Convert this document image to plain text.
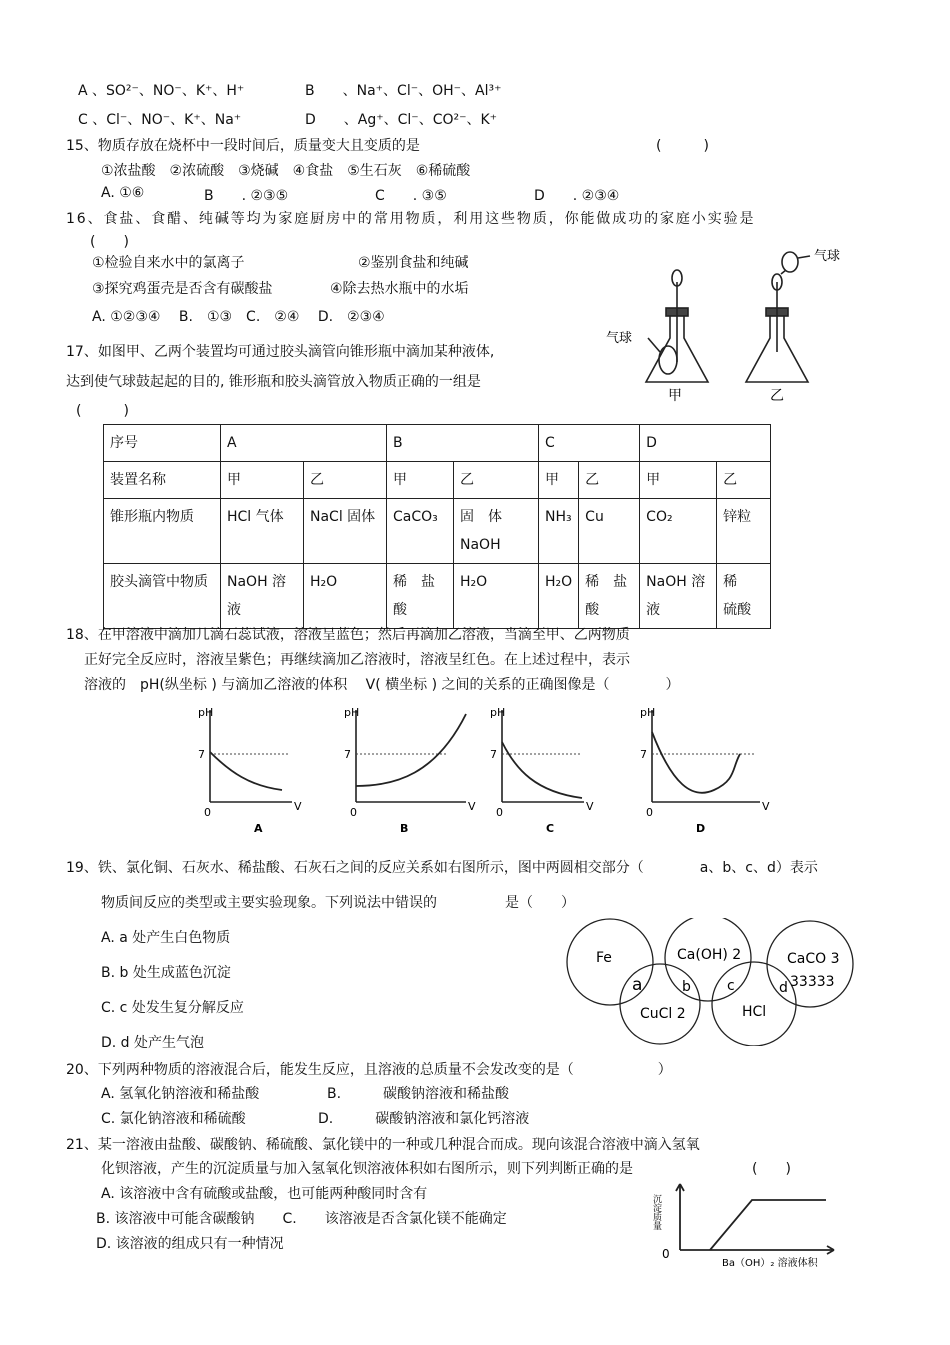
A 、SO²⁻、NO⁻、K⁺、H⁺	B　　、Na⁺、Cl⁻、OH⁻、Al³⁺
C 、Cl⁻、NO⁻、K⁺、Na⁺	D　　、Ag⁺、Cl⁻、CO²⁻、K⁺
15、物质存放在烧杯中一段时间后，质量变大且变质的是	(　　　)
①浓盐酸　②浓硫酸　③烧碱　④食盐　⑤生石灰　⑥稀硫酸
A. ①⑥	B　　. ②③⑤	C　　. ③⑤	D　　. ②③④
16、食盐、食醋、纯碱等均为家庭厨房中的常用物质，利用这些物质，你能做成功的家庭小实验是
(　　)
①检验自来水中的氯离子	②鉴别食盐和纯碱
③探究鸡蛋壳是否含有碳酸盐	④除去热水瓶中的水垢
A. ①②③④　 B.　①③　C.　②④　 D.　②③④
17、如图甲、乙两个装置均可通过胶头滴管向锥形瓶中滴加某种液体,
达到使气球鼓起起的目的, 锥形瓶和胶头滴管放入物质正确的一组是
(　　　)
气球
气球
甲	乙
序号	A		B		C		D	
装置名称	甲	乙	甲	乙	甲	乙	甲	乙
锥形瓶内物质	HCl 气体	NaCl 固体	CaCO₃	固　体 NaOH	NH₃	Cu	CO₂	锌粒
胶头滴管中物质	NaOH 溶液	H₂O	稀　盐酸	H₂O	H₂O	稀　盐酸	NaOH 溶液	稀　硫酸
18、在甲溶液中滴加几滴石蕊试液，溶液呈蓝色；然后再滴加乙溶液，当滴至甲、乙两物质
正好完全反应时，溶液呈紫色；再继续滴加乙溶液时，溶液呈红色。在上述过程中，表示
溶液的　pH(纵坐标 ) 与滴加乙溶液的体积　 V( 横坐标 ) 之间的关系的正确图像是（　　　　）
pH
7
0	V
A
pH
7
0	V
B
pH
7
0	V
C
pH
7
0	V
D
19、铁、氯化铜、石灰水、稀盐酸、石灰石之间的反应关系如右图所示，图中两圆相交部分（　　　　a、b、c、d）表示
物质间反应的类型或主要实验现象。下列说法中错误的	是（　　）
A. a 处产生白色物质
B. b 处生成蓝色沉淀
C. c 处发生复分解反应
D. d 处产生气泡
Fe	Ca(OH) 2	CaCO 3
33333
CuCl 2	HCl
a	b	c	d
20、下列两种物质的溶液混合后，能发生反应，且溶液的总质量不会发改变的是（　　　　　　）
A. 氢氧化钠溶液和稀盐酸	B.　　　碳酸钠溶液和稀盐酸
C. 氯化钠溶液和稀硫酸	D.　　　碳酸钠溶液和氯化钙溶液
21、某一溶液由盐酸、碳酸钠、稀硫酸、氯化镁中的一种或几种混合而成。现向该混合溶液中滴入氢氧
化钡溶液，产生的沉淀质量与加入氢氧化钡溶液体积如右图所示，则下列判断正确的是	(　　)
A. 该溶液中含有硫酸或盐酸，也可能两种酸同时含有
B. 该溶液中可能含碳酸钠　　C.　　该溶液是否含氯化镁不能确定
D. 该溶液的组成只有一种情况
沉淀质量
0
Ba（OH）₂ 溶液体积
